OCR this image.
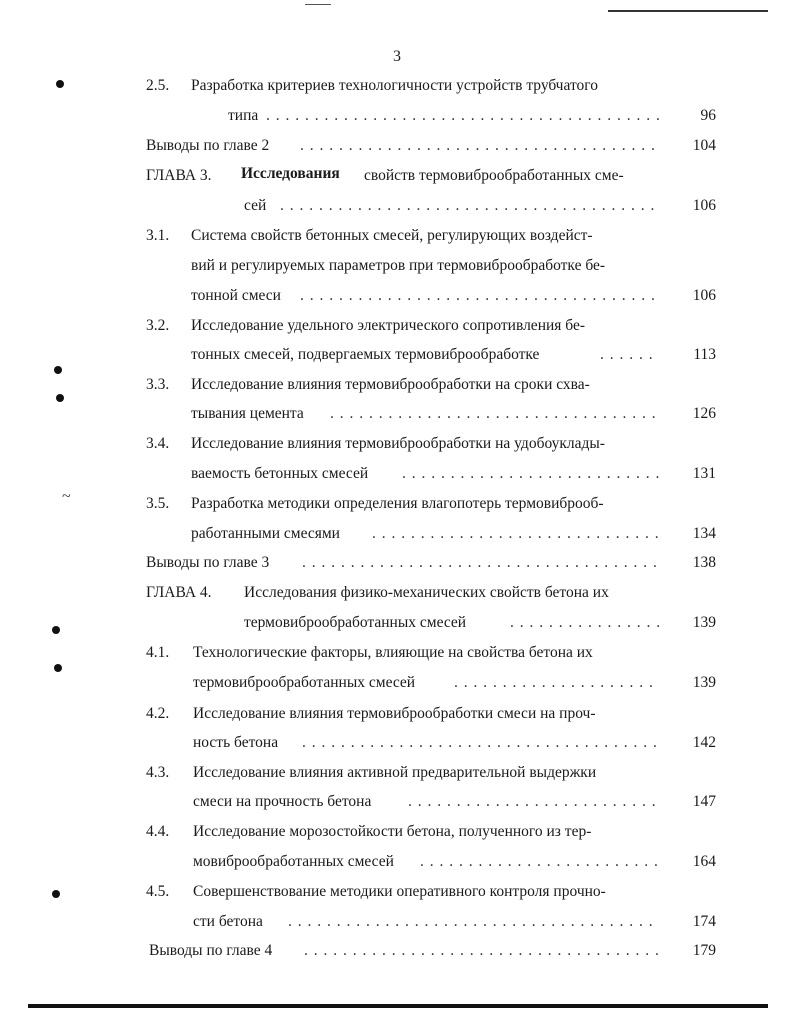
3
~
2.5. Разработка критериев технологичности устройств трубчатого
типа . . . . . . . . . . . . . . . . . . . . . . . . . . . . . . . . . . . . . . . . .	96
Выводы по главе 2 . . . . . . . . . . . . . . . . . . . . . . . . . . . . . . . . . . . . .	104
ГЛАВА 3. Исследования свойств термовиброобработанных сме-
сей . . . . . . . . . . . . . . . . . . . . . . . . . . . . . . . . . . . . . . .	106
3.1. Система свойств бетонных смесей, регулирующих воздейст-
вий и регулируемых параметров при термовиброобработке бе-
тонной смеси . . . . . . . . . . . . . . . . . . . . . . . . . . . . . . . . . . . . .	106
3.2. Исследование удельного электрического сопротивления бе-
тонных смесей, подвергаемых термовиброобработке	. . . . . .	113
3.3. Исследование влияния термовиброобработки на сроки схва-
тывания цемента . . . . . . . . . . . . . . . . . . . . . . . . . . . . . . . . . .	126
3.4. Исследование влияния термовиброобработки на удобоуклады-
ваемость бетонных смесей . . . . . . . . . . . . . . . . . . . . . . . . . . .	131
3.5. Разработка методики определения влагопотерь термовиброоб-
работанными смесями . . . . . . . . . . . . . . . . . . . . . . . . . . . . . .	134
Выводы по главе 3 . . . . . . . . . . . . . . . . . . . . . . . . . . . . . . . . . . . . .	138
ГЛАВА 4. Исследования физико-механических свойств бетона их
термовиброобработанных смесей	. . . . . . . . . . . . . . . .	139
4.1. Технологические факторы, влияющие на свойства бетона их
термовиброобработанных смесей	. . . . . . . . . . . . . . . . . . . . .	139
4.2. Исследование влияния термовиброобработки смеси на проч-
ность бетона . . . . . . . . . . . . . . . . . . . . . . . . . . . . . . . . . . . . .	142
4.3. Исследование влияния активной предварительной выдержки
смеси на прочность бетона . . . . . . . . . . . . . . . . . . . . . . . . . .	147
4.4. Исследование морозостойкости бетона, полученного из тер-
мовиброобработанных смесей . . . . . . . . . . . . . . . . . . . . . . . . .	164
4.5. Совершенствование методики оперативного контроля прочно-
сти бетона . . . . . . . . . . . . . . . . . . . . . . . . . . . . . . . . . . . . . .	174
Выводы по главе 4 . . . . . . . . . . . . . . . . . . . . . . . . . . . . . . . . . . . . .	179
